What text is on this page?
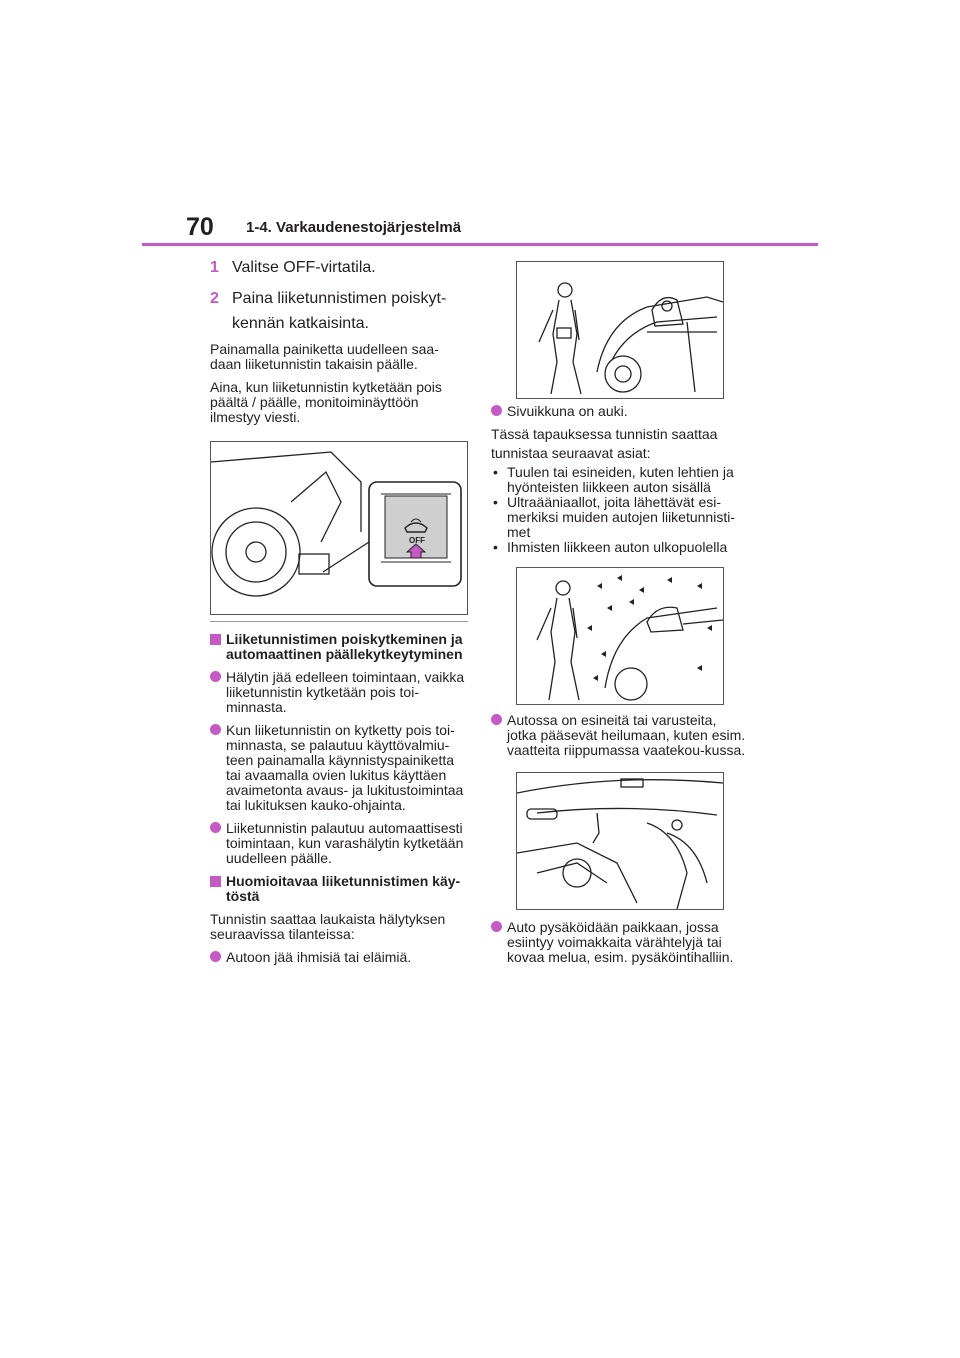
70 1-4. Varkaudenestojärjestelmä
1 Valitse OFF-virtatila.
2 Paina liiketunnistimen poiskyt-kennän katkaisinta.

Painamalla painiketta uudelleen saa-daan liiketunnistin takaisin päälle.

Aina, kun liiketunnistin kytketään pois päältä / päälle, monitoiminäyttöön ilmestyy viesti.

OFF
Liiketunnistimen poiskytkeminen ja automaattinen päällekytkeytyminen
Hälytin jää edelleen toimintaan, vaikka liiketunnistin kytketään pois toi-minnasta.
Kun liiketunnistin on kytketty pois toi-minnasta, se palautuu käyttövalmiu-teen painamalla käynnistyspainiketta tai avaamalla ovien lukitus käyttäen avaimetonta avaus- ja lukitustoimintaa tai lukituksen kauko-ohjainta.
Liiketunnistin palautuu automaattisesti toimintaan, kun varashälytin kytketään uudelleen päälle.
Huomioitavaa liiketunnistimen käy-töstä

Tunnistin saattaa laukaista hälytyksen seuraavissa tilanteissa:

Autoon jää ihmisiä tai eläimiä.
Sivuikkuna on auki.

Tässä tapauksessa tunnistin saattaa

tunnistaa seuraavat asiat:

• Tuulen tai esineiden, kuten lehtien ja hyönteisten liikkeen auton sisällä
• Ultraääniaallot, joita lähettävät esi-merkiksi muiden autojen liiketunnisti-met
• Ihmisten liikkeen auton ulkopuolella
Autossa on esineitä tai varusteita, jotka pääsevät heilumaan, kuten esim. vaatteita riippumassa vaatekou-kussa.
Auto pysäköidään paikkaan, jossa esiintyy voimakkaita värähtelyjä tai kovaa melua, esim. pysäköintihalliin.
